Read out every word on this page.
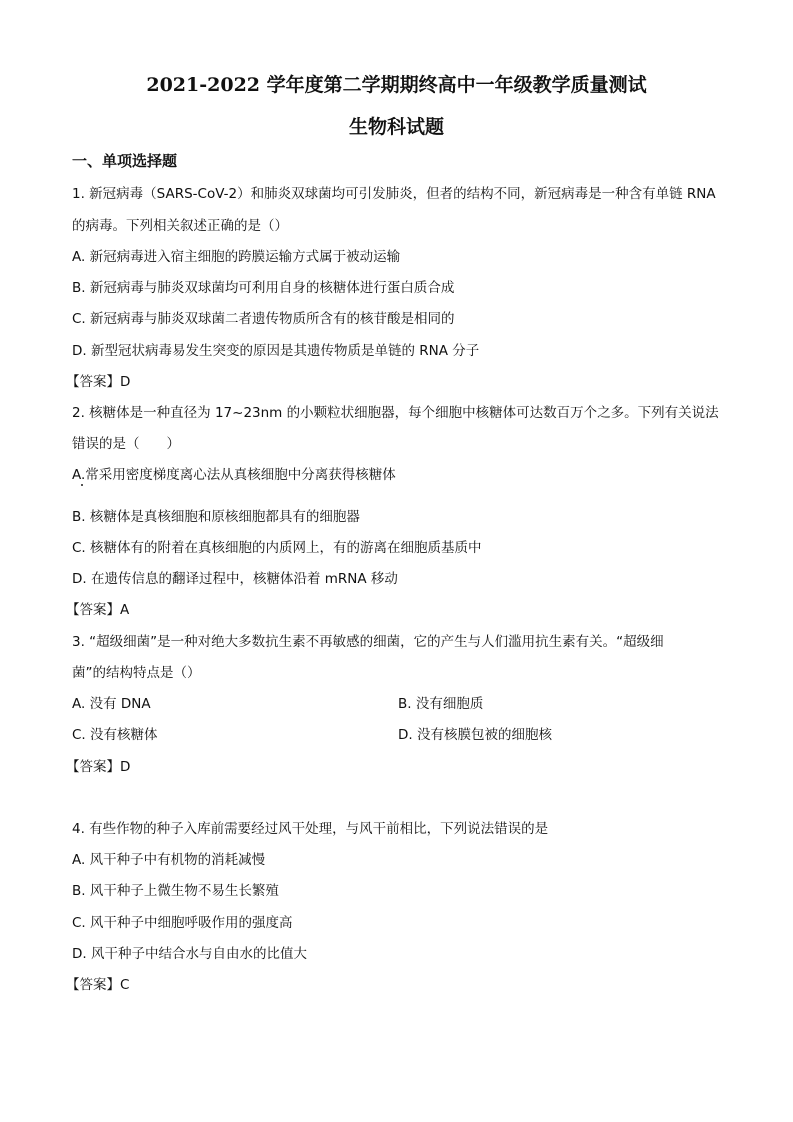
2021-2022 学年度第二学期期终高中一年级教学质量测试
生物科试题
一、单项选择题
1. 新冠病毒（SARS-CoV-2）和肺炎双球菌均可引发肺炎，但者的结构不同，新冠病毒是一种含有单链 RNA
的病毒。下列相关叙述正确的是（）
A. 新冠病毒进入宿主细胞的跨膜运输方式属于被动运输
B. 新冠病毒与肺炎双球菌均可利用自身的核糖体进行蛋白质合成
C. 新冠病毒与肺炎双球菌二者遗传物质所含有的核苷酸是相同的
D. 新型冠状病毒易发生突变的原因是其遗传物质是单链的 RNA 分子
【答案】D
2. 核糖体是一种直径为 17~23nm 的小颗粒状细胞器，每个细胞中核糖体可达数百万个之多。下列有关说法
错误的是（　　）
A.常采用密度梯度离心法从真核细胞中分离获得核糖体
B. 核糖体是真核细胞和原核细胞都具有的细胞器
C. 核糖体有的附着在真核细胞的内质网上，有的游离在细胞质基质中
D. 在遗传信息的翻译过程中，核糖体沿着 mRNA 移动
【答案】A
3. “超级细菌”是一种对绝大多数抗生素不再敏感的细菌，它的产生与人们滥用抗生素有关。“超级细
菌”的结构特点是（）
A. 没有 DNA	B. 没有细胞质
C. 没有核糖体	D. 没有核膜包被的细胞核
【答案】D
4. 有些作物的种子入库前需要经过风干处理，与风干前相比，下列说法错误的是
A. 风干种子中有机物的消耗减慢
B. 风干种子上微生物不易生长繁殖
C. 风干种子中细胞呼吸作用的强度高
D. 风干种子中结合水与自由水的比值大
【答案】C
